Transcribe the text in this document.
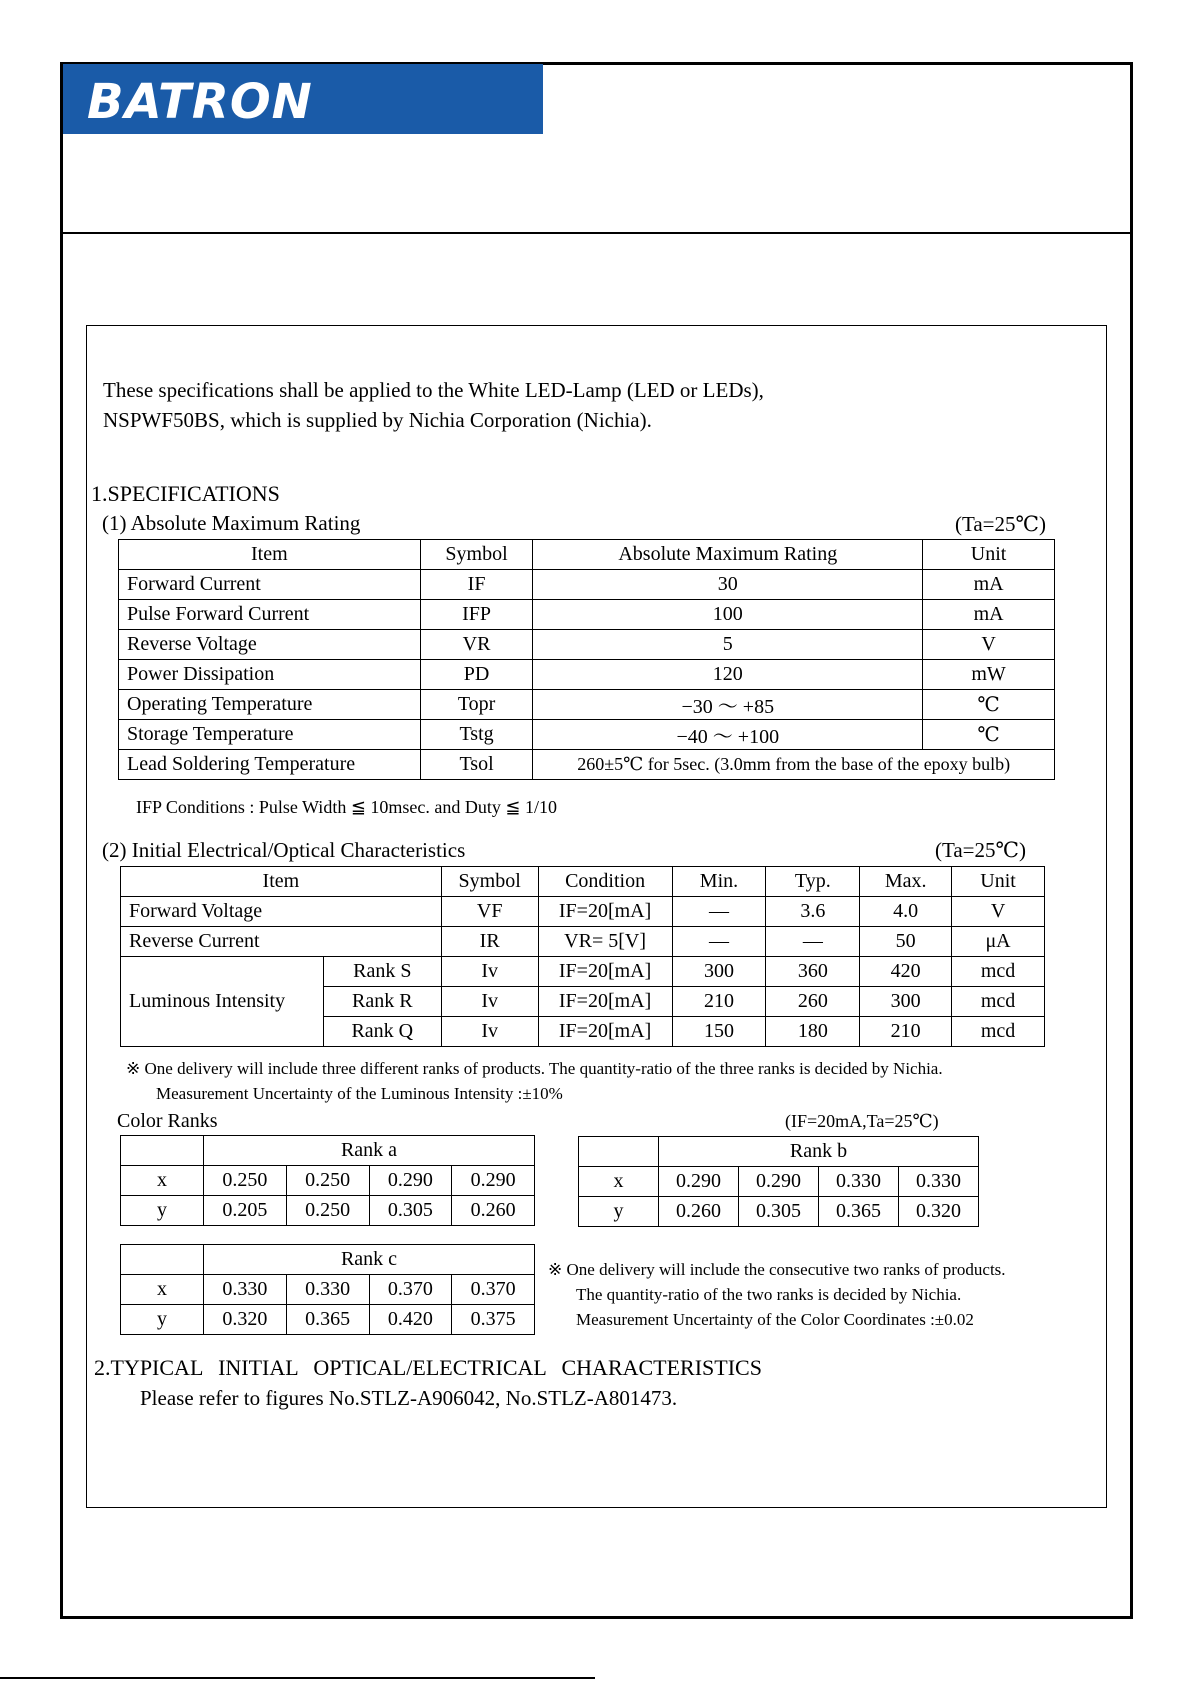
BATRON
These specifications shall be applied to the White LED-Lamp (LED or LEDs),
NSPWF50BS, which is supplied by Nichia Corporation (Nichia).
1.SPECIFICATIONS
(1) Absolute Maximum Rating	(Ta=25℃)
Item	Symbol	Absolute Maximum Rating	Unit
Forward Current	IF	30	mA
Pulse Forward Current	IFP	100	mA
Reverse Voltage	VR	5	V
Power Dissipation	PD	120	mW
Operating Temperature	Topr	−30 ～ +85	℃
Storage Temperature	Tstg	−40 ～ +100	℃
Lead Soldering Temperature	Tsol	260±5℃ for 5sec. (3.0mm from the base of the epoxy bulb)	
IFP Conditions : Pulse Width ≦ 10msec. and Duty ≦ 1/10
(2) Initial Electrical/Optical Characteristics	(Ta=25℃)
Item		Symbol	Condition	Min.	Typ.	Max.	Unit
Forward Voltage		VF	IF=20[mA]	―	3.6	4.0	V
Reverse Current		IR	VR= 5[V]	―	―	50	μA
Luminous Intensity	Rank S	Iv	IF=20[mA]	300	360	420	mcd
	Rank R	Iv	IF=20[mA]	210	260	300	mcd
	Rank Q	Iv	IF=20[mA]	150	180	210	mcd
※ One delivery will include three different ranks of products. The quantity-ratio of the three ranks is decided by Nichia.
Measurement Uncertainty of the Luminous Intensity :±10%
Color Ranks	(IF=20mA,Ta=25℃)
	Rank a			
x	0.250	0.250	0.290	0.290
y	0.205	0.250	0.305	0.260
	Rank b			
x	0.290	0.290	0.330	0.330
y	0.260	0.305	0.365	0.320
	Rank c			
x	0.330	0.330	0.370	0.370
y	0.320	0.365	0.420	0.375
※ One delivery will include the consecutive two ranks of products.
The quantity-ratio of the two ranks is decided by Nichia.
Measurement Uncertainty of the Color Coordinates :±0.02
2.TYPICAL INITIAL OPTICAL/ELECTRICAL CHARACTERISTICS
Please refer to figures No.STLZ-A906042, No.STLZ-A801473.
